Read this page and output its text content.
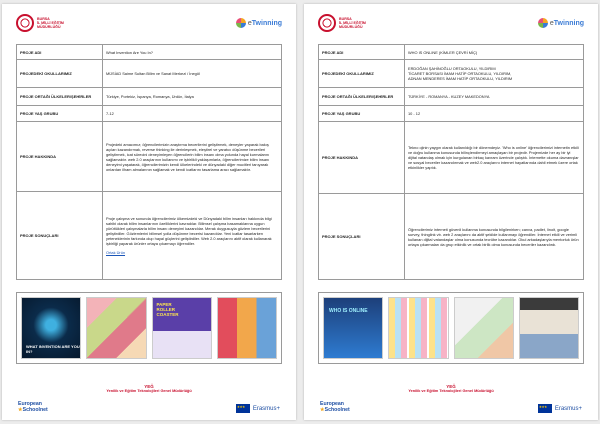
BURSA
İL MİLLİ EĞİTİM MÜDÜRLÜĞÜ
eTwinning
PROJE ADI	What Invention Are You In?
PROJEDEKİ OKULLARIMIZ	MÜSİAD Saime Sultan Bilim ve Sanat Merkezi / İnegöl
PROJE ORTAĞI ÜLKELER/ŞEHİRLER	Türkiye, Portekiz, İspanya, Romanya, Ürdün, İtalya
PROJE YAŞ GRUBU	7-12
PROJE HAKKINDA	Projedeki amacımız; öğrencilerimizin araştırma becerilerini geliştirmek, deneyler yaparak bakış açıları kazandırmak, reverse thinking ile derinleşmek, eleştirel ve yaratıcı düşünme becerileri geliştirmek, icat sürecini deneyimleyen öğrencilerin bilim insanı olma yolunda hayal kurmalarını sağlamaktır. web 2.0 araçlarının kullanımı ve işbirlikli yaklaşımlarla, öğrencilerimize bilim insanı deneyimi yaşatarak, öğrencilerimizin kendi ülkelerindeki ve dünyadaki diğer mucitleri tanıyarak onlardan ilham almalarının sağlamak ve kendi icatlarını tasarlama aracı sağlamaktır.
PROJE SONUÇLARI	Proje çalışma ve sonunda öğrencilerimiz ülkemizdeki ve Dünyadaki bilim insanları hakkında bilgi sahibi olarak bilim insanlarının özelliklerini kavradılar. Bilimsel çalışma basamaklarına uygun yürüttükleri çalışmalarla bilim insanı deneyimi kazandılar. Merak duygusuyla gözlem becerilerini geliştirdiler. Gözlemlerini bilimsel yolla düşünme becerisi kazandılar. Yeni icatlar tasarlarken yeteneklerinin farkında olup hayal güçlerini geliştirdiler. Web 2.0 araçlarını aktif olarak kullanarak işbirliği yaparak ürünler ortaya çıkarmayı öğrendiler.
Ortak Ürün
WHAT INVENTION ARE YOU IN?
PAPER ROLLER COASTER
European
★Schoolnet
YEĞ
Yenilik ve Eğitim Teknolojileri Genel Müdürlüğü
★★★
Erasmus+
BURSA
İL MİLLİ EĞİTİM MÜDÜRLÜĞÜ
eTwinning
PROJE ADI	WHO IS ONLINE (KİMLER ÇEVRİ MİÇ)
PROJEDEKİ OKULLARIMIZ	ERDOĞAN ŞAHİNOĞLU ORTAOKULU, YILDIRIM
TİCARET BORSASI İMAM HATİP ORTAOKULU, YILDIRIM,
ADNAN MENDERES İMAM HATİP ORTAOKULU, YILDIRIM
PROJE ORTAĞI ÜLKELER/ŞEHİRLER	TÜRKİYE - ROMANYA - KUZEY MAKEDONYA
PROJE YAŞ GRUBU	10 - 12
PROJE HAKKINDA	Tekno ojinin yaygın olarak kullanıldığı bir dönemdeyiz. 'Who is online' öğrencilerimizi internetin etkili ve doğru kullanma konusunda bilinçlendirmeyi amaçlayan bir projedir. Projemizde her ay bir iyi dijital vatandaş olmak için kurgulanan birkaç kavram üzerinde çalıştık. İnternette okuma davranışlar ve sosyal beceriler kazandırmak ve web2.0 araçlarını internet hayatlarında dahil etmek üzere ortak etkinlikler yaptık.
PROJE SONUÇLARI	Öğrencilerimiz interneti güvenli kullanma konusunda bilgilenirken; canva, padlet, linoit, google survey, thinglink vb. web 2 araçlarını da aktif şekilde kullanmayı öğrendiler. İnternet etkili ve verimli kullanan dijital vatandaşlar olma konusunda tecrübe kazandılar. Okul arkadaşlarıyla mentorluk ürün ortaya çıkarmaları da grup etkinlik ve ortak birlik olma konusunda beceriler kazandırdı.
WHO IS ONLINE
European
★Schoolnet
YEĞ
Yenilik ve Eğitim Teknolojileri Genel Müdürlüğü
★★★
Erasmus+
